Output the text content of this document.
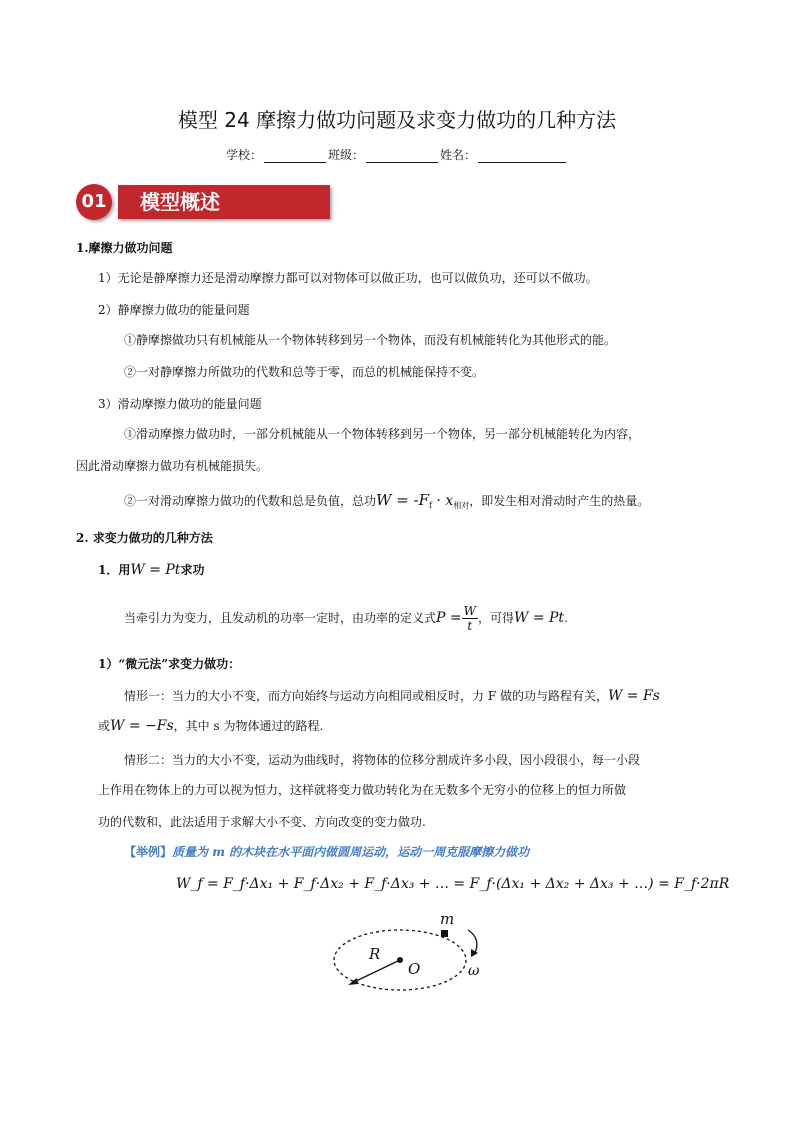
模型 24 摩擦力做功问题及求变力做功的几种方法
学校：	班级：	姓名：
01	模型概述
1.摩擦力做功问题
1）无论是静摩擦力还是滑动摩擦力都可以对物体可以做正功，也可以做负功，还可以不做功。
2）静摩擦力做功的能量问题
①静摩擦做功只有机械能从一个物体转移到另一个物体，而没有机械能转化为其他形式的能。
②一对静摩擦力所做功的代数和总等于零，而总的机械能保持不变。
3）滑动摩擦力做功的能量问题
①滑动摩擦力做功时，一部分机械能从一个物体转移到另一个物体，另一部分机械能转化为内容，
因此滑动摩擦力做功有机械能损失。
②一对滑动摩擦力做功的代数和总是负值，总功$W = -F_f \cdot x_{相对}$，即发生相对滑动时产生的热量。
2. 求变力做功的几种方法
1．用W = Pt求功
当牵引力为变力，且发动机的功率一定时，由功率的定义式$P = \frac{W}{t}$ ，可得W = Pt.
1）“微元法”求变力做功：
情形一：当力的大小不变，而方向始终与运动方向相同或相反时，力 F 做的功与路程有关，W = Fs
或W = −Fs，其中 s 为物体通过的路程.
情形二：当力的大小不变，运动为曲线时，将物体的位移分割成许多小段，因小段很小，每一小段
上作用在物体上的力可以视为恒力，这样就将变力做功转化为在无数多个无穷小的位移上的恒力所做
功的代数和，此法适用于求解大小不变、方向改变的变力做功.
【举例】质量为 m 的木块在水平面内做圆周运动，运动一周克服摩擦力做功
W_f = F_f·Δx₁ + F_f·Δx₂ + F_f·Δx₃ + … = F_f·(Δx₁ + Δx₂ + Δx₃ + …) = F_f·2πR
m
R
O	ω
